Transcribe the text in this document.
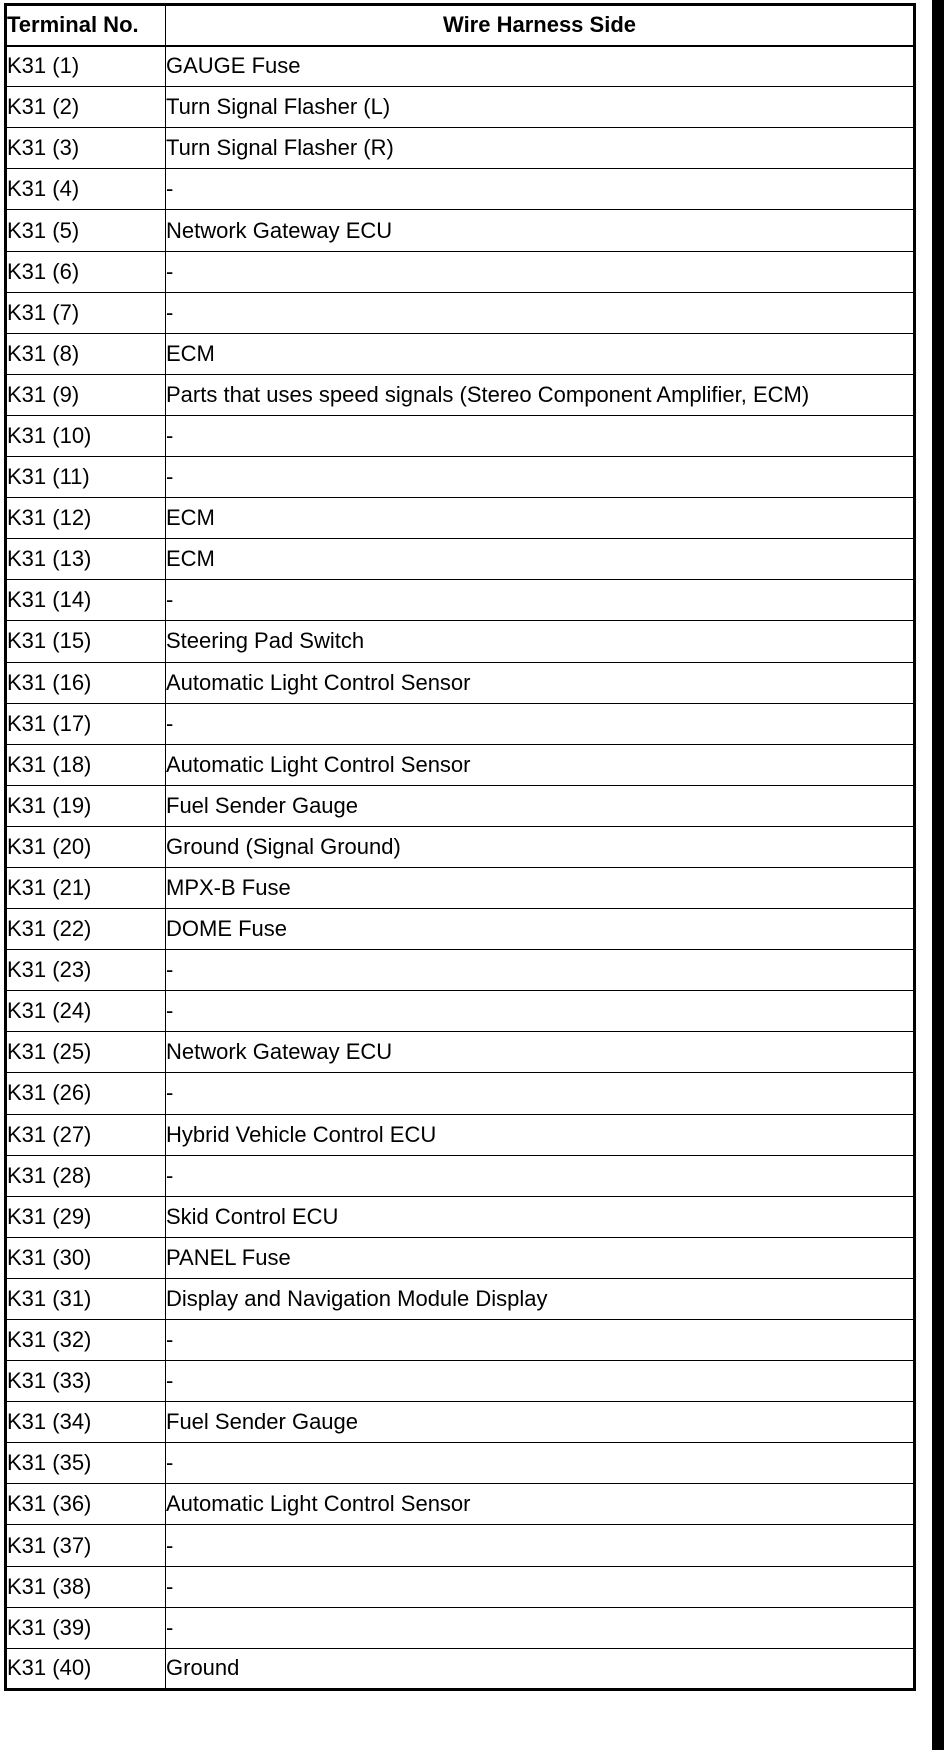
Terminal No.	Wire Harness Side
K31 (1)	GAUGE Fuse
K31 (2)	Turn Signal Flasher (L)
K31 (3)	Turn Signal Flasher (R)
K31 (4)	-
K31 (5)	Network Gateway ECU
K31 (6)	-
K31 (7)	-
K31 (8)	ECM
K31 (9)	Parts that uses speed signals (Stereo Component Amplifier, ECM)
K31 (10)	-
K31 (11)	-
K31 (12)	ECM
K31 (13)	ECM
K31 (14)	-
K31 (15)	Steering Pad Switch
K31 (16)	Automatic Light Control Sensor
K31 (17)	-
K31 (18)	Automatic Light Control Sensor
K31 (19)	Fuel Sender Gauge
K31 (20)	Ground (Signal Ground)
K31 (21)	MPX-B Fuse
K31 (22)	DOME Fuse
K31 (23)	-
K31 (24)	-
K31 (25)	Network Gateway ECU
K31 (26)	-
K31 (27)	Hybrid Vehicle Control ECU
K31 (28)	-
K31 (29)	Skid Control ECU
K31 (30)	PANEL Fuse
K31 (31)	Display and Navigation Module Display
K31 (32)	-
K31 (33)	-
K31 (34)	Fuel Sender Gauge
K31 (35)	-
K31 (36)	Automatic Light Control Sensor
K31 (37)	-
K31 (38)	-
K31 (39)	-
K31 (40)	Ground
